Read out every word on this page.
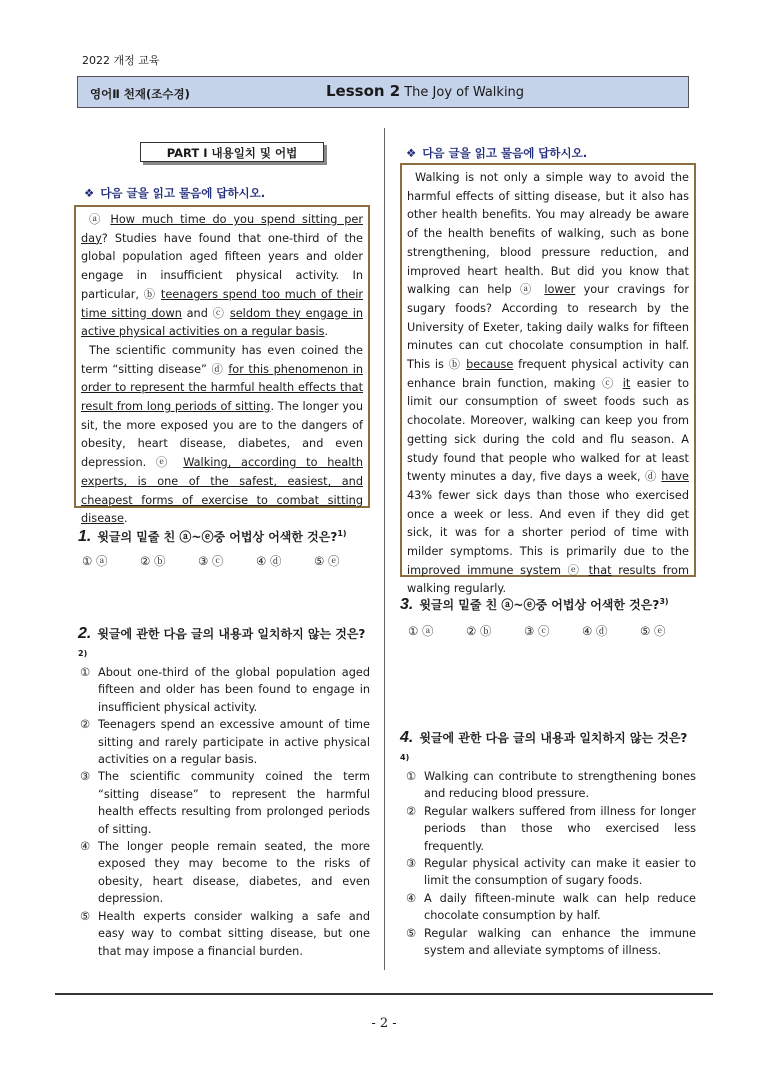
2022 개정 교육
영어Ⅱ 천재(조수경)	Lesson 2 The Joy of Walking
PART Ⅰ 내용일치 및 어법
❖ 다음 글을 읽고 물음에 답하시오.

ⓐ How much time do you spend sitting per day? Studies have found that one-third of the global population aged fifteen years and older engage in insufficient physical activity. In particular, ⓑ teenagers spend too much of their time sitting down and ⓒ seldom they engage in active physical activities on a regular basis.

The scientific community has even coined the term “sitting disease” ⓓ for this phenomenon in order to represent the harmful health effects that result from long periods of sitting. The longer you sit, the more exposed you are to the dangers of obesity, heart disease, diabetes, and even depression. ⓔ Walking, according to health experts, is one of the safest, easiest, and cheapest forms of exercise to combat sitting disease.

1. 윗글의 밑줄 친 ⓐ~ⓔ중 어법상 어색한 것은?$^{1)}$
① ⓐ	② ⓑ	③ ⓒ	④ ⓓ	⑤ ⓔ
2. 윗글에 관한 다음 글의 내용과 일치하지 않는 것은?$^{2)}$
① About one-third of the global population aged fifteen and older has been found to engage in insufficient physical activity.
② Teenagers spend an excessive amount of time sitting and rarely participate in active physical activities on a regular basis.
③ The scientific community coined the term “sitting disease” to represent the harmful health effects resulting from prolonged periods of sitting.
④ The longer people remain seated, the more exposed they may become to the risks of obesity, heart disease, diabetes, and even depression.
⑤ Health experts consider walking a safe and easy way to combat sitting disease, but one that may impose a financial burden.
❖ 다음 글을 읽고 물음에 답하시오.

Walking is not only a simple way to avoid the harmful effects of sitting disease, but it also has other health benefits. You may already be aware of the health benefits of walking, such as bone strengthening, blood pressure reduction, and improved heart health. But did you know that walking can help ⓐ lower your cravings for sugary foods? According to research by the University of Exeter, taking daily walks for fifteen minutes can cut chocolate consumption in half. This is ⓑ because frequent physical activity can enhance brain function, making ⓒ it easier to limit our consumption of sweet foods such as chocolate. Moreover, walking can keep you from getting sick during the cold and flu season. A study found that people who walked for at least twenty minutes a day, five days a week, ⓓ have 43% fewer sick days than those who exercised once a week or less. And even if they did get sick, it was for a shorter period of time with milder symptoms. This is primarily due to the improved immune system ⓔ that results from walking regularly.

3. 윗글의 밑줄 친 ⓐ~ⓔ중 어법상 어색한 것은?$^{3)}$
① ⓐ	② ⓑ	③ ⓒ	④ ⓓ	⑤ ⓔ
4. 윗글에 관한 다음 글의 내용과 일치하지 않는 것은?$^{4)}$
① Walking can contribute to strengthening bones and reducing blood pressure.
② Regular walkers suffered from illness for longer periods than those who exercised less frequently.
③ Regular physical activity can make it easier to limit the consumption of sugary foods.
④ A daily fifteen-minute walk can help reduce chocolate consumption by half.
⑤ Regular walking can enhance the immune system and alleviate symptoms of illness.
- 2 -
